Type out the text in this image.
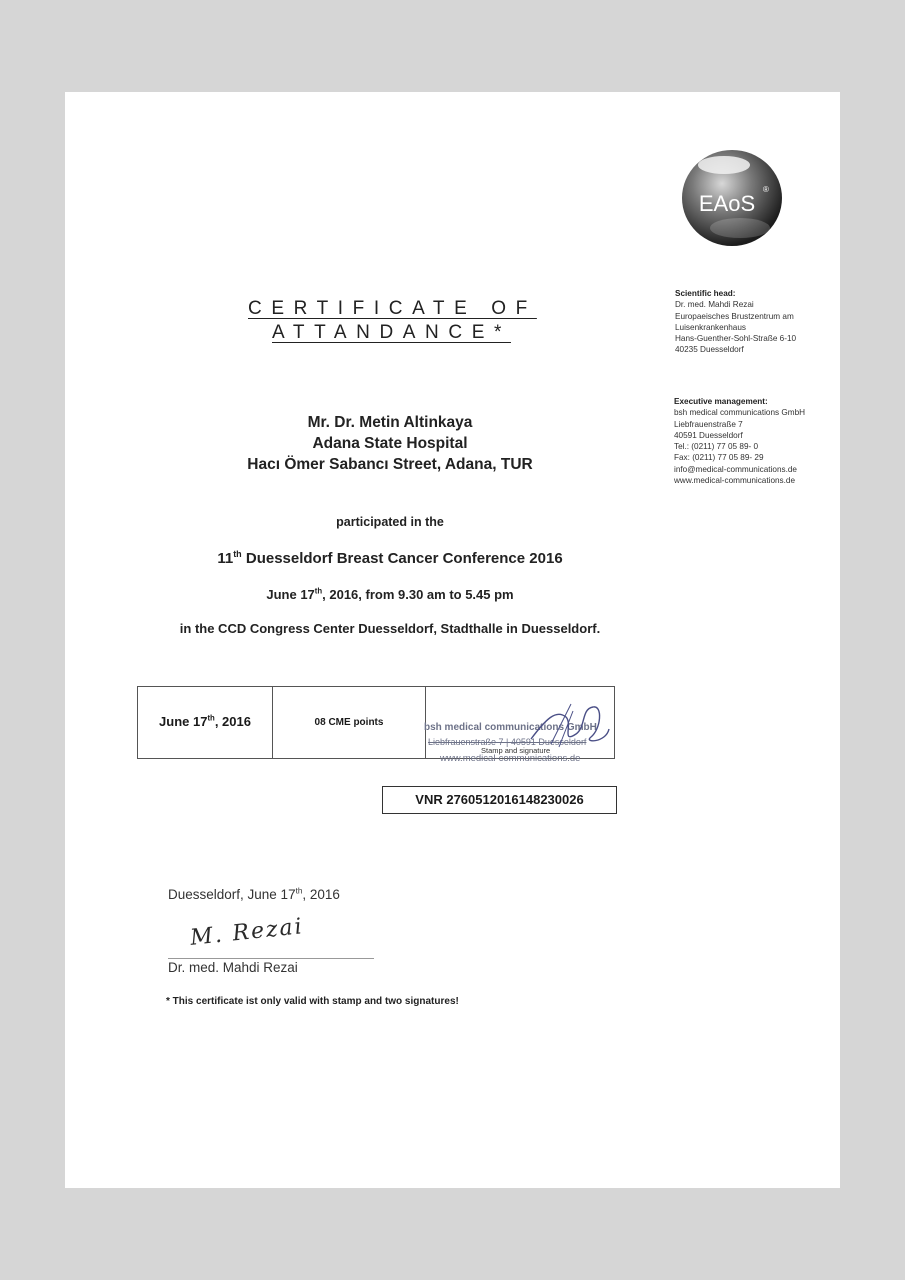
EAoS
®
Scientific head:
Dr. med. Mahdi Rezai
Europaeisches Brustzentrum am
Luisenkrankenhaus
Hans-Guenther-Sohl-Straße 6-10
40235 Duesseldorf
Executive management:
bsh medical communications GmbH
Liebfrauenstraße 7
40591 Duesseldorf
Tel.: (0211) 77 05 89- 0
Fax: (0211) 77 05 89- 29
info@medical-communications.de
www.medical-communications.de
CERTIFICATE OF
ATTANDANCE*
Mr. Dr. Metin Altinkaya
Adana State Hospital
Hacı Ömer Sabancı Street, Adana, TUR
participated in the
11th Duesseldorf Breast Cancer Conference 2016
June 17th, 2016, from 9.30 am to 5.45 pm
in the CCD Congress Center Duesseldorf, Stadthalle in Duesseldorf.
June 17th, 2016	08 CME points	bsh medical communications GmbH
Liebfrauenstraße 7 | 40591 Duesseldorf
Stamp and signature
www.medical-communications.de
VNR 2760512016148230026
Duesseldorf, June 17th, 2016
M. Rezai
Dr. med. Mahdi Rezai
* This certificate ist only valid with stamp and two signatures!
